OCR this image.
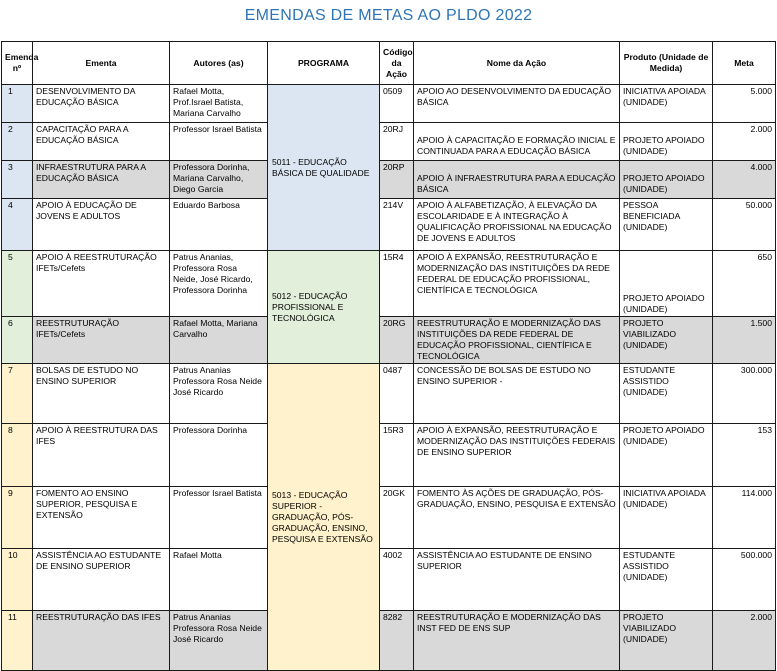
EMENDAS DE METAS AO PLDO 2022
Emenda nº	Ementa	Autores (as)	PROGRAMA	Código da Ação	Nome da Ação	Produto (Unidade de Medida)	Meta
1	DESENVOLVIMENTO DA EDUCAÇÃO BÁSICA	Rafael Motta, Prof.Israel Batista, Mariana Carvalho	5011 - EDUCAÇÃO BÁSICA DE QUALIDADE	0509	APOIO AO DESENVOLVIMENTO DA EDUCAÇÃO BÁSICA	INICIATIVA APOIADA (UNIDADE)	5.000
2	CAPACITAÇÃO PARA A EDUCAÇÃO BÁSICA	Professor Israel Batista		20RJ	APOIO À CAPACITAÇÃO E FORMAÇÃO INICIAL E CONTINUADA PARA A EDUCAÇÃO BÁSICA	PROJETO APOIADO (UNIDADE)	2.000
3	INFRAESTRUTURA PARA A EDUCAÇÃO BÁSICA	Professora Dorinha, Mariana Carvalho, Diego Garcia		20RP	APOIO À INFRAESTRUTURA PARA A EDUCAÇÃO BÁSICA	PROJETO APOIADO (UNIDADE)	4.000
4	APOIO À EDUCAÇÃO DE JOVENS E ADULTOS	Eduardo Barbosa		214V	APOIO À ALFABETIZAÇÃO, À ELEVAÇÃO DA ESCOLARIDADE E À INTEGRAÇÃO À QUALIFICAÇÃO PROFISSIONAL NA EDUCAÇÃO DE JOVENS E ADULTOS	PESSOA BENEFICIADA (UNIDADE)	50.000
5	APOIO À REESTRUTURAÇÃO IFETs/Cefets	Patrus Ananias, Professora Rosa Neide, José Ricardo, Professora Dorinha	5012 - EDUCAÇÃO PROFISSIONAL E TECNOLÓGICA	15R4	APOIO À EXPANSÃO, REESTRUTURAÇÃO E MODERNIZAÇÃO DAS INSTITUIÇÕES DA REDE FEDERAL DE EDUCAÇÃO PROFISSIONAL, CIENTÍFICA E TECNOLÓGICA	PROJETO APOIADO (UNIDADE)	650
6	REESTRUTURAÇÃO IFETs/Cefets	Rafael Motta, Mariana Carvalho		20RG	REESTRUTURAÇÃO E MODERNIZAÇÃO DAS INSTITUIÇÕES DA REDE FEDERAL DE EDUCAÇÃO PROFISSIONAL, CIENTÍFICA E TECNOLÓGICA	PROJETO VIABILIZADO (UNIDADE)	1.500
7	BOLSAS DE ESTUDO NO ENSINO SUPERIOR	Patrus Ananias Professora Rosa Neide José Ricardo	5013 - EDUCAÇÃO SUPERIOR - GRADUAÇÃO, PÓS-GRADUAÇÃO, ENSINO, PESQUISA E EXTENSÃO	0487	CONCESSÃO DE BOLSAS DE ESTUDO NO ENSINO SUPERIOR -	ESTUDANTE ASSISTIDO (UNIDADE)	300.000
8	APOIO À REESTRUTURA DAS IFES	Professora Dorinha		15R3	APOIO À EXPANSÃO, REESTRUTURAÇÃO E MODERNIZAÇÃO DAS INSTITUIÇÕES FEDERAIS DE ENSINO SUPERIOR	PROJETO APOIADO (UNIDADE)	153
9	FOMENTO AO ENSINO SUPERIOR, PESQUISA E EXTENSÃO	Professor Israel Batista		20GK	FOMENTO ÀS AÇÕES DE GRADUAÇÃO, PÓS-GRADUAÇÃO, ENSINO, PESQUISA E EXTENSÃO	INICIATIVA APOIADA (UNIDADE)	114.000
10	ASSISTÊNCIA AO ESTUDANTE DE ENSINO SUPERIOR	Rafael Motta		4002	ASSISTÊNCIA AO ESTUDANTE DE ENSINO SUPERIOR	ESTUDANTE ASSISTIDO (UNIDADE)	500.000
11	REESTRUTURAÇÃO DAS IFES	Patrus Ananias Professora Rosa Neide José Ricardo		8282	REESTRUTURAÇÃO E MODERNIZAÇÃO DAS INST FED DE ENS SUP	PROJETO VIABILIZADO (UNIDADE)	2.000
